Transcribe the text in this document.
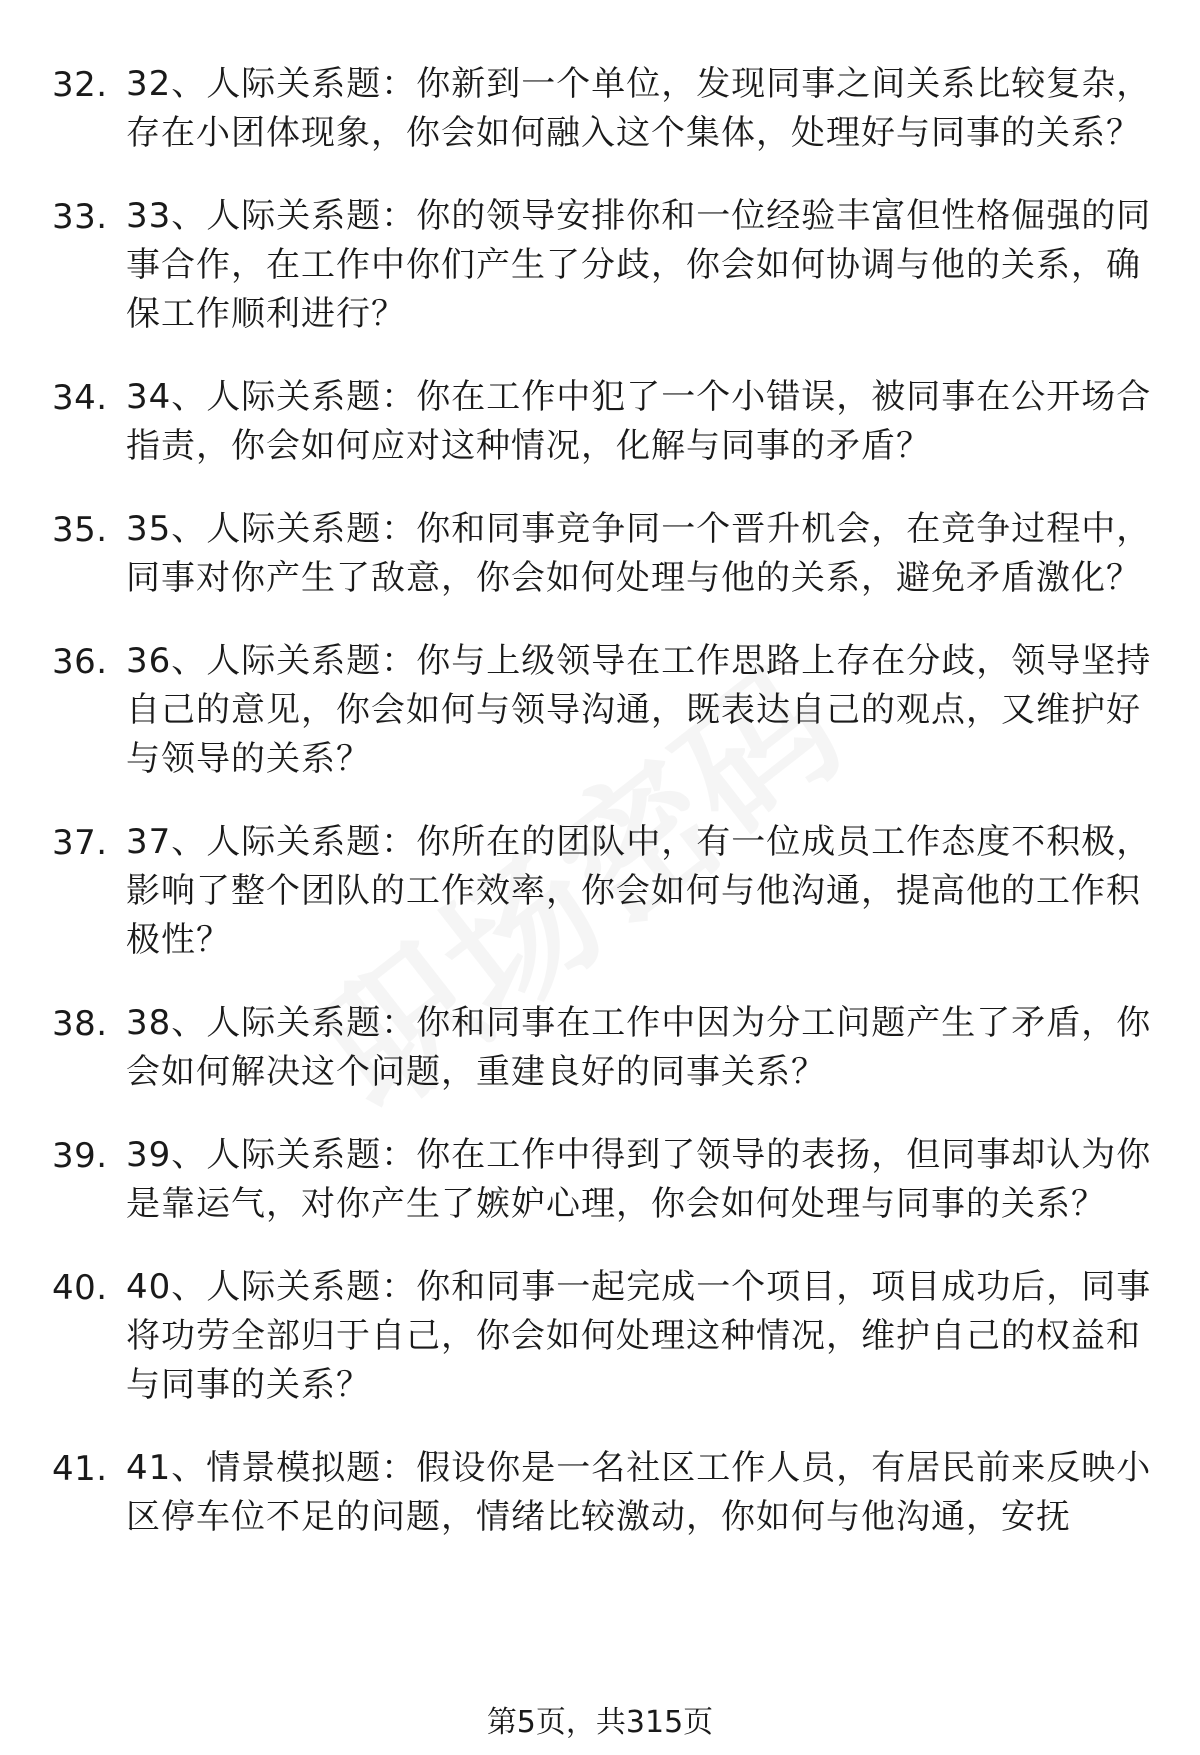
32. 32、人际关系题：你新到一个单位，发现同事之间关系比较复杂，存在小团体现象，你会如何融入这个集体，处理好与同事的关系？
33. 33、人际关系题：你的领导安排你和一位经验丰富但性格倔强的同事合作，在工作中你们产生了分歧，你会如何协调与他的关系，确保工作顺利进行？
34. 34、人际关系题：你在工作中犯了一个小错误，被同事在公开场合指责，你会如何应对这种情况，化解与同事的矛盾？
35. 35、人际关系题：你和同事竞争同一个晋升机会，在竞争过程中，同事对你产生了敌意，你会如何处理与他的关系，避免矛盾激化？
36. 36、人际关系题：你与上级领导在工作思路上存在分歧，领导坚持自己的意见，你会如何与领导沟通，既表达自己的观点，又维护好与领导的关系？
37. 37、人际关系题：你所在的团队中，有一位成员工作态度不积极，影响了整个团队的工作效率，你会如何与他沟通，提高他的工作积极性？
38. 38、人际关系题：你和同事在工作中因为分工问题产生了矛盾，你会如何解决这个问题，重建良好的同事关系？
39. 39、人际关系题：你在工作中得到了领导的表扬，但同事却认为你是靠运气，对你产生了嫉妒心理，你会如何处理与同事的关系？
40. 40、人际关系题：你和同事一起完成一个项目，项目成功后，同事将功劳全部归于自己，你会如何处理这种情况，维护自己的权益和与同事的关系？
41. 41、情景模拟题：假设你是一名社区工作人员，有居民前来反映小区停车位不足的问题，情绪比较激动，你如何与他沟通，安抚
第5页，共315页
